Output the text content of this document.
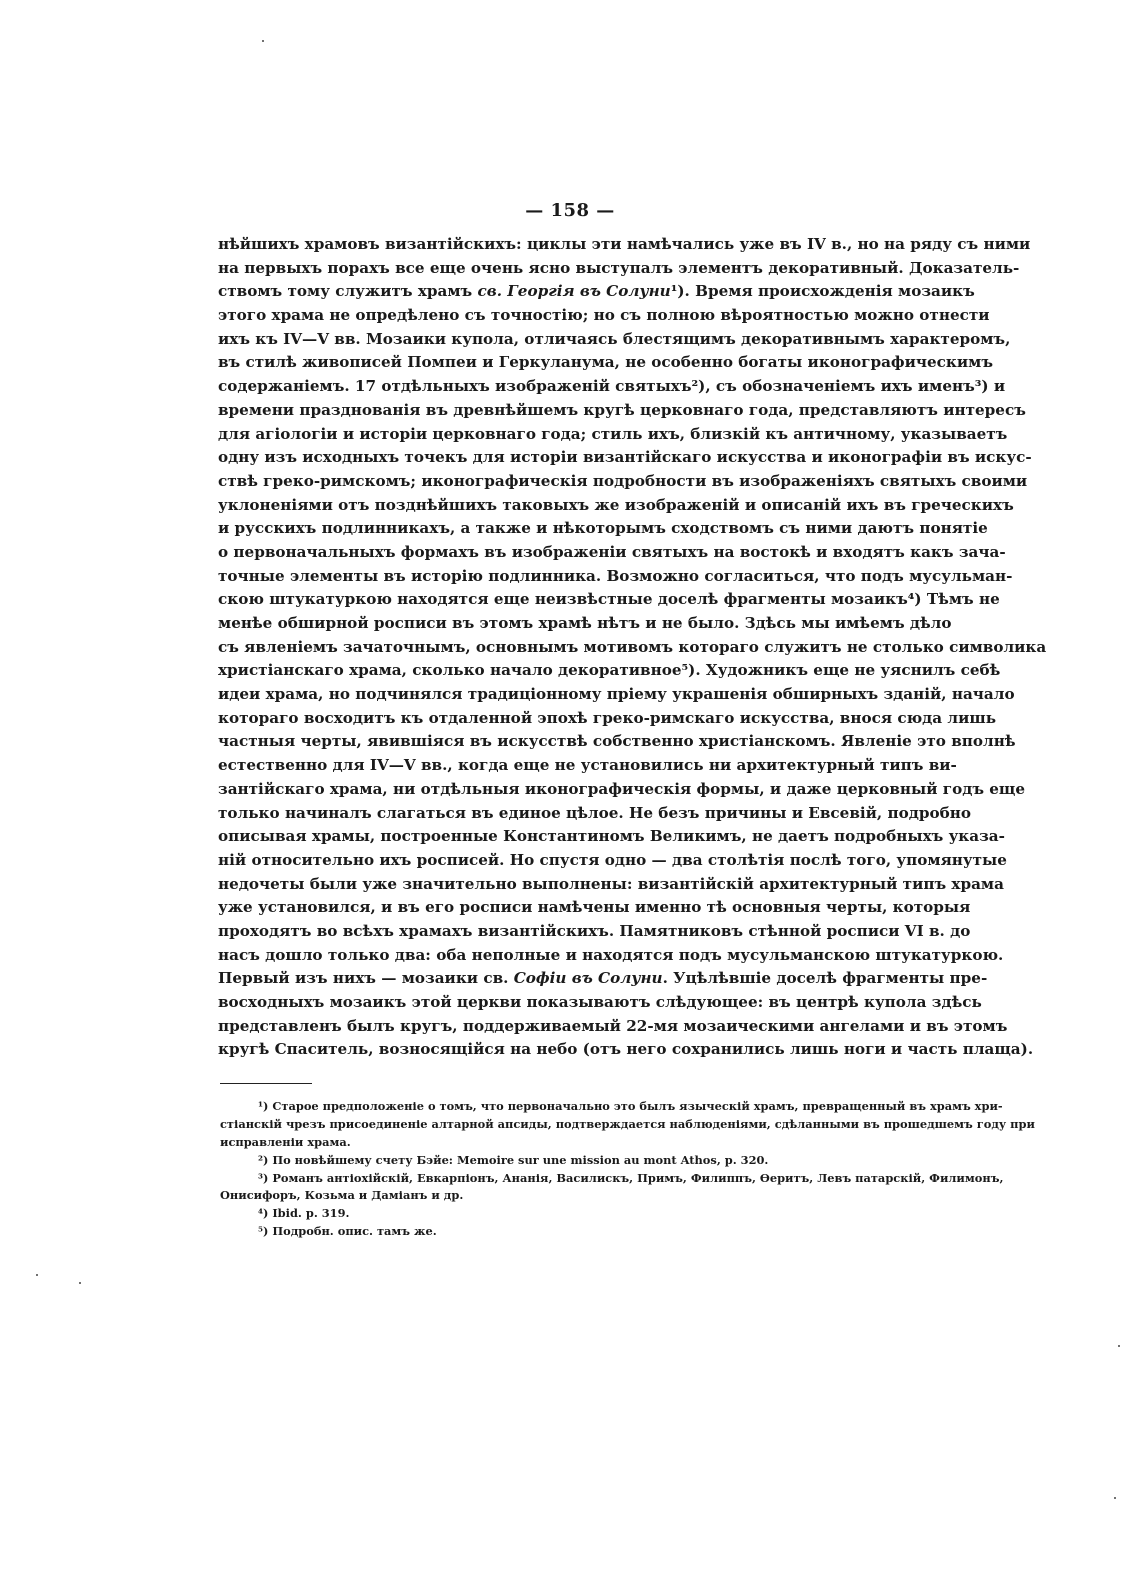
— 158 —
нѣйшихъ храмовъ византійскихъ: циклы эти намѣчались уже въ IV в., но на ряду съ ними
на первыхъ порахъ все еще очень ясно выступалъ элементъ декоративный. Доказатель-
ствомъ тому служитъ храмъ св. Георгія въ Солуни¹). Время происхожденія мозаикъ
этого храма не опредѣлено съ точностію; но съ полною вѣроятностью можно отнести
ихъ къ IV—V вв. Мозаики купола, отличаясь блестящимъ декоративнымъ характеромъ,
въ стилѣ живописей Помпеи и Геркуланума, не особенно богаты иконографическимъ
содержаніемъ. 17 отдѣльныхъ изображеній святыхъ²), съ обозначеніемъ ихъ именъ³) и
времени празднованія въ древнѣйшемъ кругѣ церковнаго года, представляютъ интересъ
для агіологіи и исторіи церковнаго года; стиль ихъ, близкій къ античному, указываетъ
одну изъ исходныхъ точекъ для исторіи византійскаго искусства и иконографіи въ искус-
ствѣ греко-римскомъ; иконографическія подробности въ изображеніяхъ святыхъ своими
уклоненіями отъ позднѣйшихъ таковыхъ же изображеній и описаній ихъ въ греческихъ
и русскихъ подлинникахъ, а также и нѣкоторымъ сходствомъ съ ними даютъ понятіе
о первоначальныхъ формахъ въ изображеніи святыхъ на востокѣ и входятъ какъ зача-
точные элементы въ исторію подлинника. Возможно согласиться, что подъ мусульман-
скою штукатуркою находятся еще неизвѣстные доселѣ фрагменты мозаикъ⁴) Тѣмъ не
менѣе обширной росписи въ этомъ храмѣ нѣтъ и не было. Здѣсь мы имѣемъ дѣло
съ явленіемъ зачаточнымъ, основнымъ мотивомъ котораго служитъ не столько символика
христіанскаго храма, сколько начало декоративное⁵). Художникъ еще не уяснилъ себѣ
идеи храма, но подчинялся традиціонному пріему украшенія обширныхъ зданій, начало
котораго восходитъ къ отдаленной эпохѣ греко-римскаго искусства, внося сюда лишь
частныя черты, явившіяся въ искусствѣ собственно христіанскомъ. Явленіе это вполнѣ
естественно для IV—V вв., когда еще не установились ни архитектурный типъ ви-
зантійскаго храма, ни отдѣльныя иконографическія формы, и даже церковный годъ еще
только начиналъ слагаться въ единое цѣлое. Не безъ причины и Евсевій, подробно
описывая храмы, построенные Константиномъ Великимъ, не даетъ подробныхъ указа-
ній относительно ихъ росписей. Но спустя одно — два столѣтія послѣ того, упомянутые
недочеты были уже значительно выполнены: византійскій архитектурный типъ храма
уже установился, и въ его росписи намѣчены именно тѣ основныя черты, которыя
проходятъ во всѣхъ храмахъ византійскихъ. Памятниковъ стѣнной росписи VI в. до
насъ дошло только два: оба неполные и находятся подъ мусульманскою штукатуркою.
Первый изъ нихъ — мозаики св. Софіи въ Солуни. Уцѣлѣвшіе доселѣ фрагменты пре-
восходныхъ мозаикъ этой церкви показываютъ слѣдующее: въ центрѣ купола здѣсь
представленъ былъ кругъ, поддерживаемый 22-мя мозаическими ангелами и въ этомъ
кругѣ Спаситель, возносящійся на небо (отъ него сохранились лишь ноги и часть плаща).
¹) Старое предположеніе о томъ, что первоначально это былъ языческій храмъ, превращенный въ храмъ хри-
стіанскій чрезъ присоединеніе алтарной апсиды, подтверждается наблюденіями, сдѣланными въ прошедшемъ году при
исправленіи храма.
²) По новѣйшему счету Бэйе: Memoire sur une mission au mont Athos, p. 320.
³) Романъ антіохійскій, Евкарпіонъ, Ананія, Василискъ, Примъ, Филиппъ, Ѳеритъ, Левъ патарскій, Филимонъ,
Онисифоръ, Козьма и Даміанъ и др.
⁴) Ibid. p. 319.
⁵) Подробн. опис. тамъ же.
